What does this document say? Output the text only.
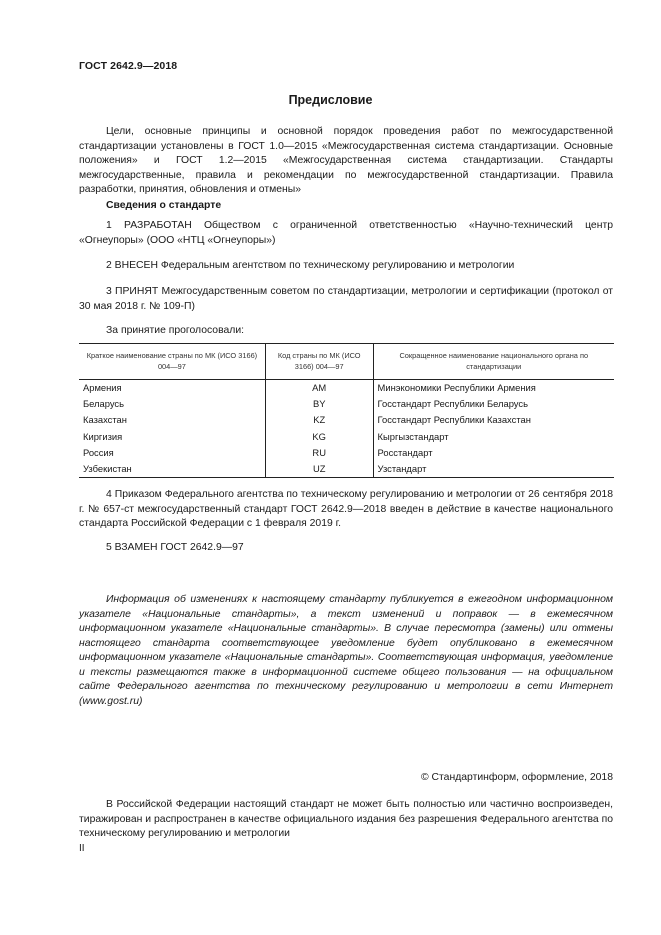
ГОСТ 2642.9—2018
Предисловие
Цели, основные принципы и основной порядок проведения работ по межгосударственной стандартизации установлены в ГОСТ 1.0—2015 «Межгосударственная система стандартизации. Основные положения» и ГОСТ 1.2—2015 «Межгосударственная система стандартизации. Стандарты межгосударственные, правила и рекомендации по межгосударственной стандартизации. Правила разработки, принятия, обновления и отмены»
Сведения о стандарте
1 РАЗРАБОТАН Обществом с ограниченной ответственностью «Научно-технический центр «Огнеупоры» (ООО «НТЦ «Огнеупоры»)
2 ВНЕСЕН Федеральным агентством по техническому регулированию и метрологии
3 ПРИНЯТ Межгосударственным советом по стандартизации, метрологии и сертификации (протокол от 30 мая 2018 г. № 109-П)
За принятие проголосовали:
Краткое наименование страны по МК (ИСО 3166) 004—97	Код страны по МК (ИСО 3166) 004—97	Сокращенное наименование национального органа по стандартизации
Армения	AM	Минэкономики Республики Армения
Беларусь	BY	Госстандарт Республики Беларусь
Казахстан	KZ	Госстандарт Республики Казахстан
Киргизия	KG	Кыргызстандарт
Россия	RU	Росстандарт
Узбекистан	UZ	Узстандарт
4 Приказом Федерального агентства по техническому регулированию и метрологии от 26 сентября 2018 г. № 657-ст межгосударственный стандарт ГОСТ 2642.9—2018 введен в действие в качестве национального стандарта Российской Федерации с 1 февраля 2019 г.
5 ВЗАМЕН ГОСТ 2642.9—97
Информация об изменениях к настоящему стандарту публикуется в ежегодном информационном указателе «Национальные стандарты», а текст изменений и поправок — в ежемесячном информационном указателе «Национальные стандарты». В случае пересмотра (замены) или отмены настоящего стандарта соответствующее уведомление будет опубликовано в ежемесячном информационном указателе «Национальные стандарты». Соответствующая информация, уведомление и тексты размещаются также в информационной системе общего пользования — на официальном сайте Федерального агентства по техническому регулированию и метрологии в сети Интернет (www.gost.ru)
© Стандартинформ, оформление, 2018
В Российской Федерации настоящий стандарт не может быть полностью или частично воспроизведен, тиражирован и распространен в качестве официального издания без разрешения Федерального агентства по техническому регулированию и метрологии
II
